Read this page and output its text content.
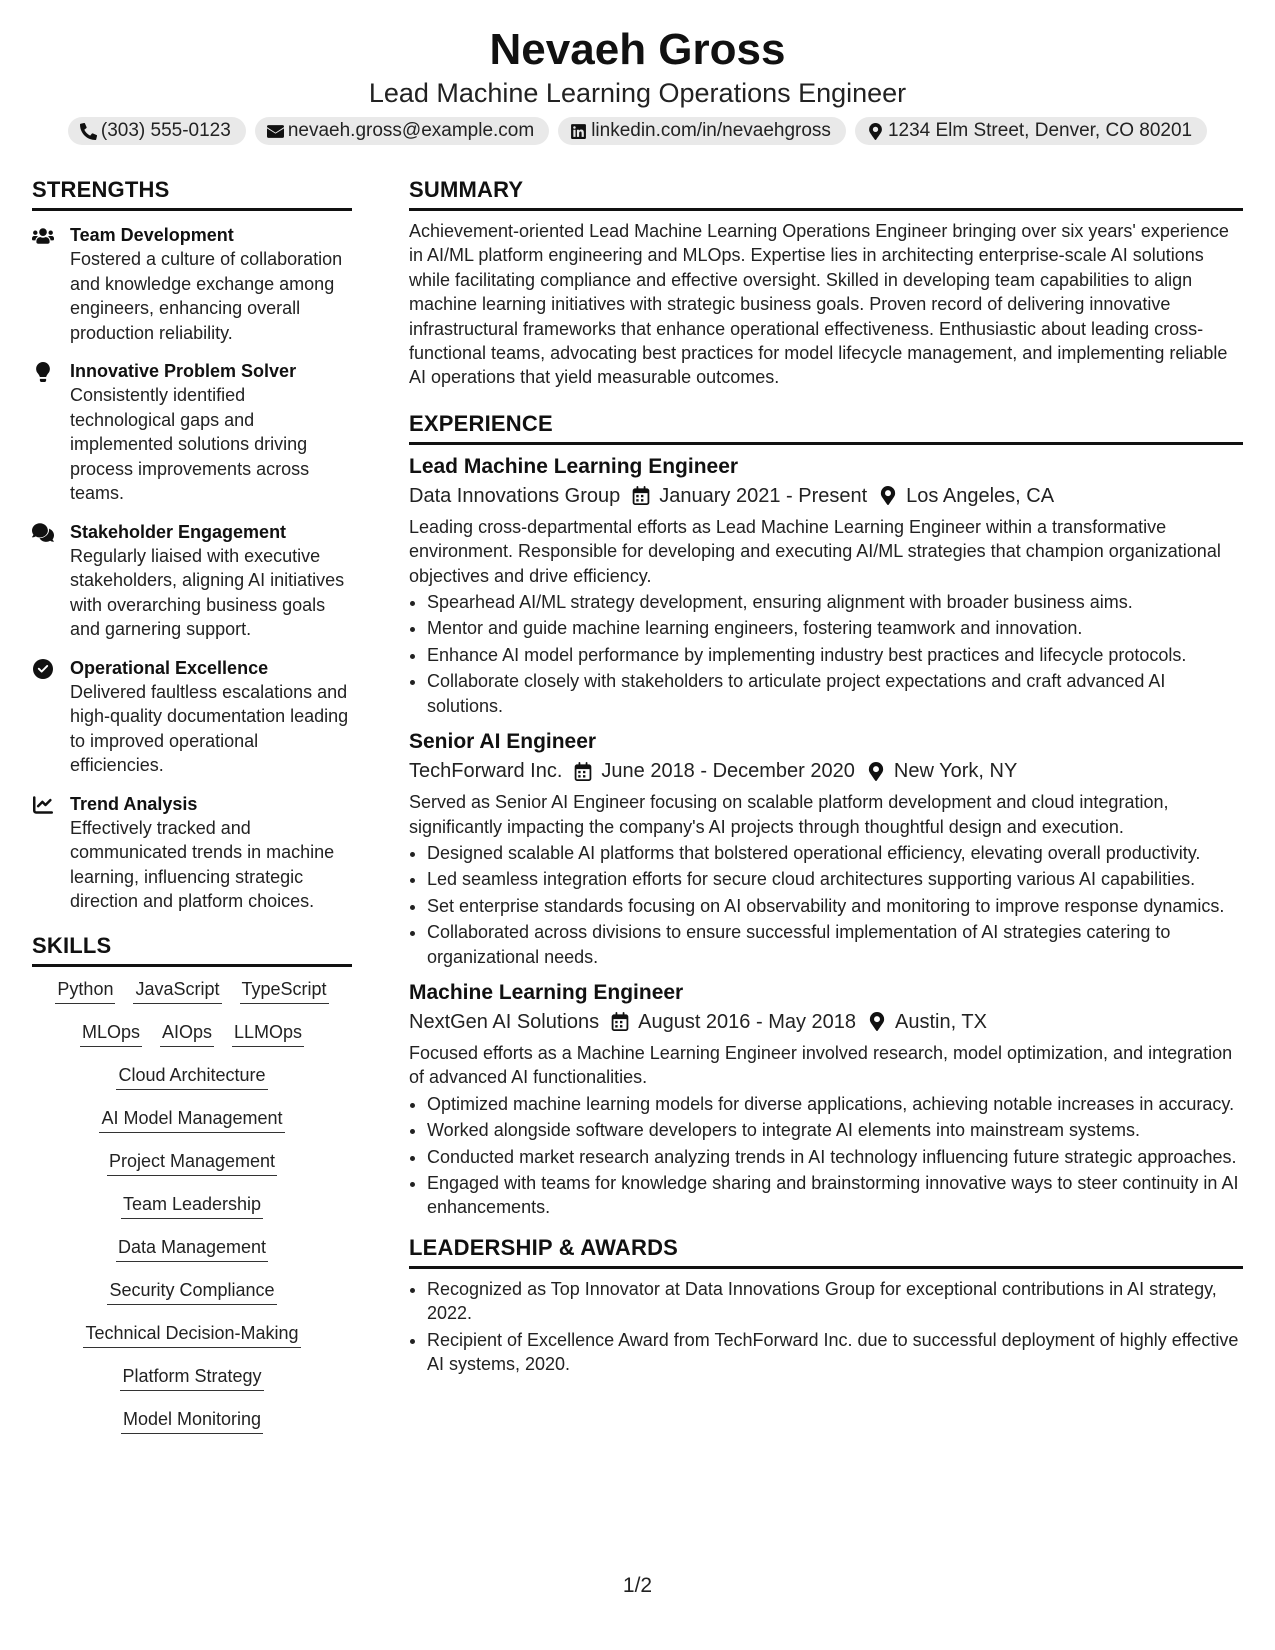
Nevaeh Gross
Lead Machine Learning Operations Engineer
(303) 555-0123	nevaeh.gross@example.com	linkedin.com/in/nevaehgross	1234 Elm Street, Denver, CO 80201
STRENGTHS
Team Development
Fostered a culture of collaboration and knowledge exchange among engineers, enhancing overall production reliability.
Innovative Problem Solver
Consistently identified technological gaps and implemented solutions driving process improvements across teams.
Stakeholder Engagement
Regularly liaised with executive stakeholders, aligning AI initiatives with overarching business goals and garnering support.
Operational Excellence
Delivered faultless escalations and high-quality documentation leading to improved operational efficiencies.
Trend Analysis
Effectively tracked and communicated trends in machine learning, influencing strategic direction and platform choices.
SKILLS
Python JavaScript TypeScript
MLOps AIOps LLMOps
Cloud Architecture
AI Model Management
Project Management
Team Leadership
Data Management
Security Compliance
Technical Decision-Making
Platform Strategy
Model Monitoring
SUMMARY
Achievement-oriented Lead Machine Learning Operations Engineer bringing over six years' experience in AI/ML platform engineering and MLOps. Expertise lies in architecting enterprise-scale AI solutions while facilitating compliance and effective oversight. Skilled in developing team capabilities to align machine learning initiatives with strategic business goals. Proven record of delivering innovative infrastructural frameworks that enhance operational effectiveness. Enthusiastic about leading cross-functional teams, advocating best practices for model lifecycle management, and implementing reliable AI operations that yield measurable outcomes.
EXPERIENCE
Lead Machine Learning Engineer
Data Innovations Group January 2021 - Present Los Angeles, CA
Leading cross-departmental efforts as Lead Machine Learning Engineer within a transformative environment. Responsible for developing and executing AI/ML strategies that champion organizational objectives and drive efficiency.
• Spearhead AI/ML strategy development, ensuring alignment with broader business aims.
• Mentor and guide machine learning engineers, fostering teamwork and innovation.
• Enhance AI model performance by implementing industry best practices and lifecycle protocols.
• Collaborate closely with stakeholders to articulate project expectations and craft advanced AI solutions.
Senior AI Engineer
TechForward Inc. June 2018 - December 2020 New York, NY
Served as Senior AI Engineer focusing on scalable platform development and cloud integration, significantly impacting the company's AI projects through thoughtful design and execution.
• Designed scalable AI platforms that bolstered operational efficiency, elevating overall productivity.
• Led seamless integration efforts for secure cloud architectures supporting various AI capabilities.
• Set enterprise standards focusing on AI observability and monitoring to improve response dynamics.
• Collaborated across divisions to ensure successful implementation of AI strategies catering to organizational needs.
Machine Learning Engineer
NextGen AI Solutions August 2016 - May 2018 Austin, TX
Focused efforts as a Machine Learning Engineer involved research, model optimization, and integration of advanced AI functionalities.
• Optimized machine learning models for diverse applications, achieving notable increases in accuracy.
• Worked alongside software developers to integrate AI elements into mainstream systems.
• Conducted market research analyzing trends in AI technology influencing future strategic approaches.
• Engaged with teams for knowledge sharing and brainstorming innovative ways to steer continuity in AI enhancements.
LEADERSHIP & AWARDS
• Recognized as Top Innovator at Data Innovations Group for exceptional contributions in AI strategy, 2022.
• Recipient of Excellence Award from TechForward Inc. due to successful deployment of highly effective AI systems, 2020.
1/2
